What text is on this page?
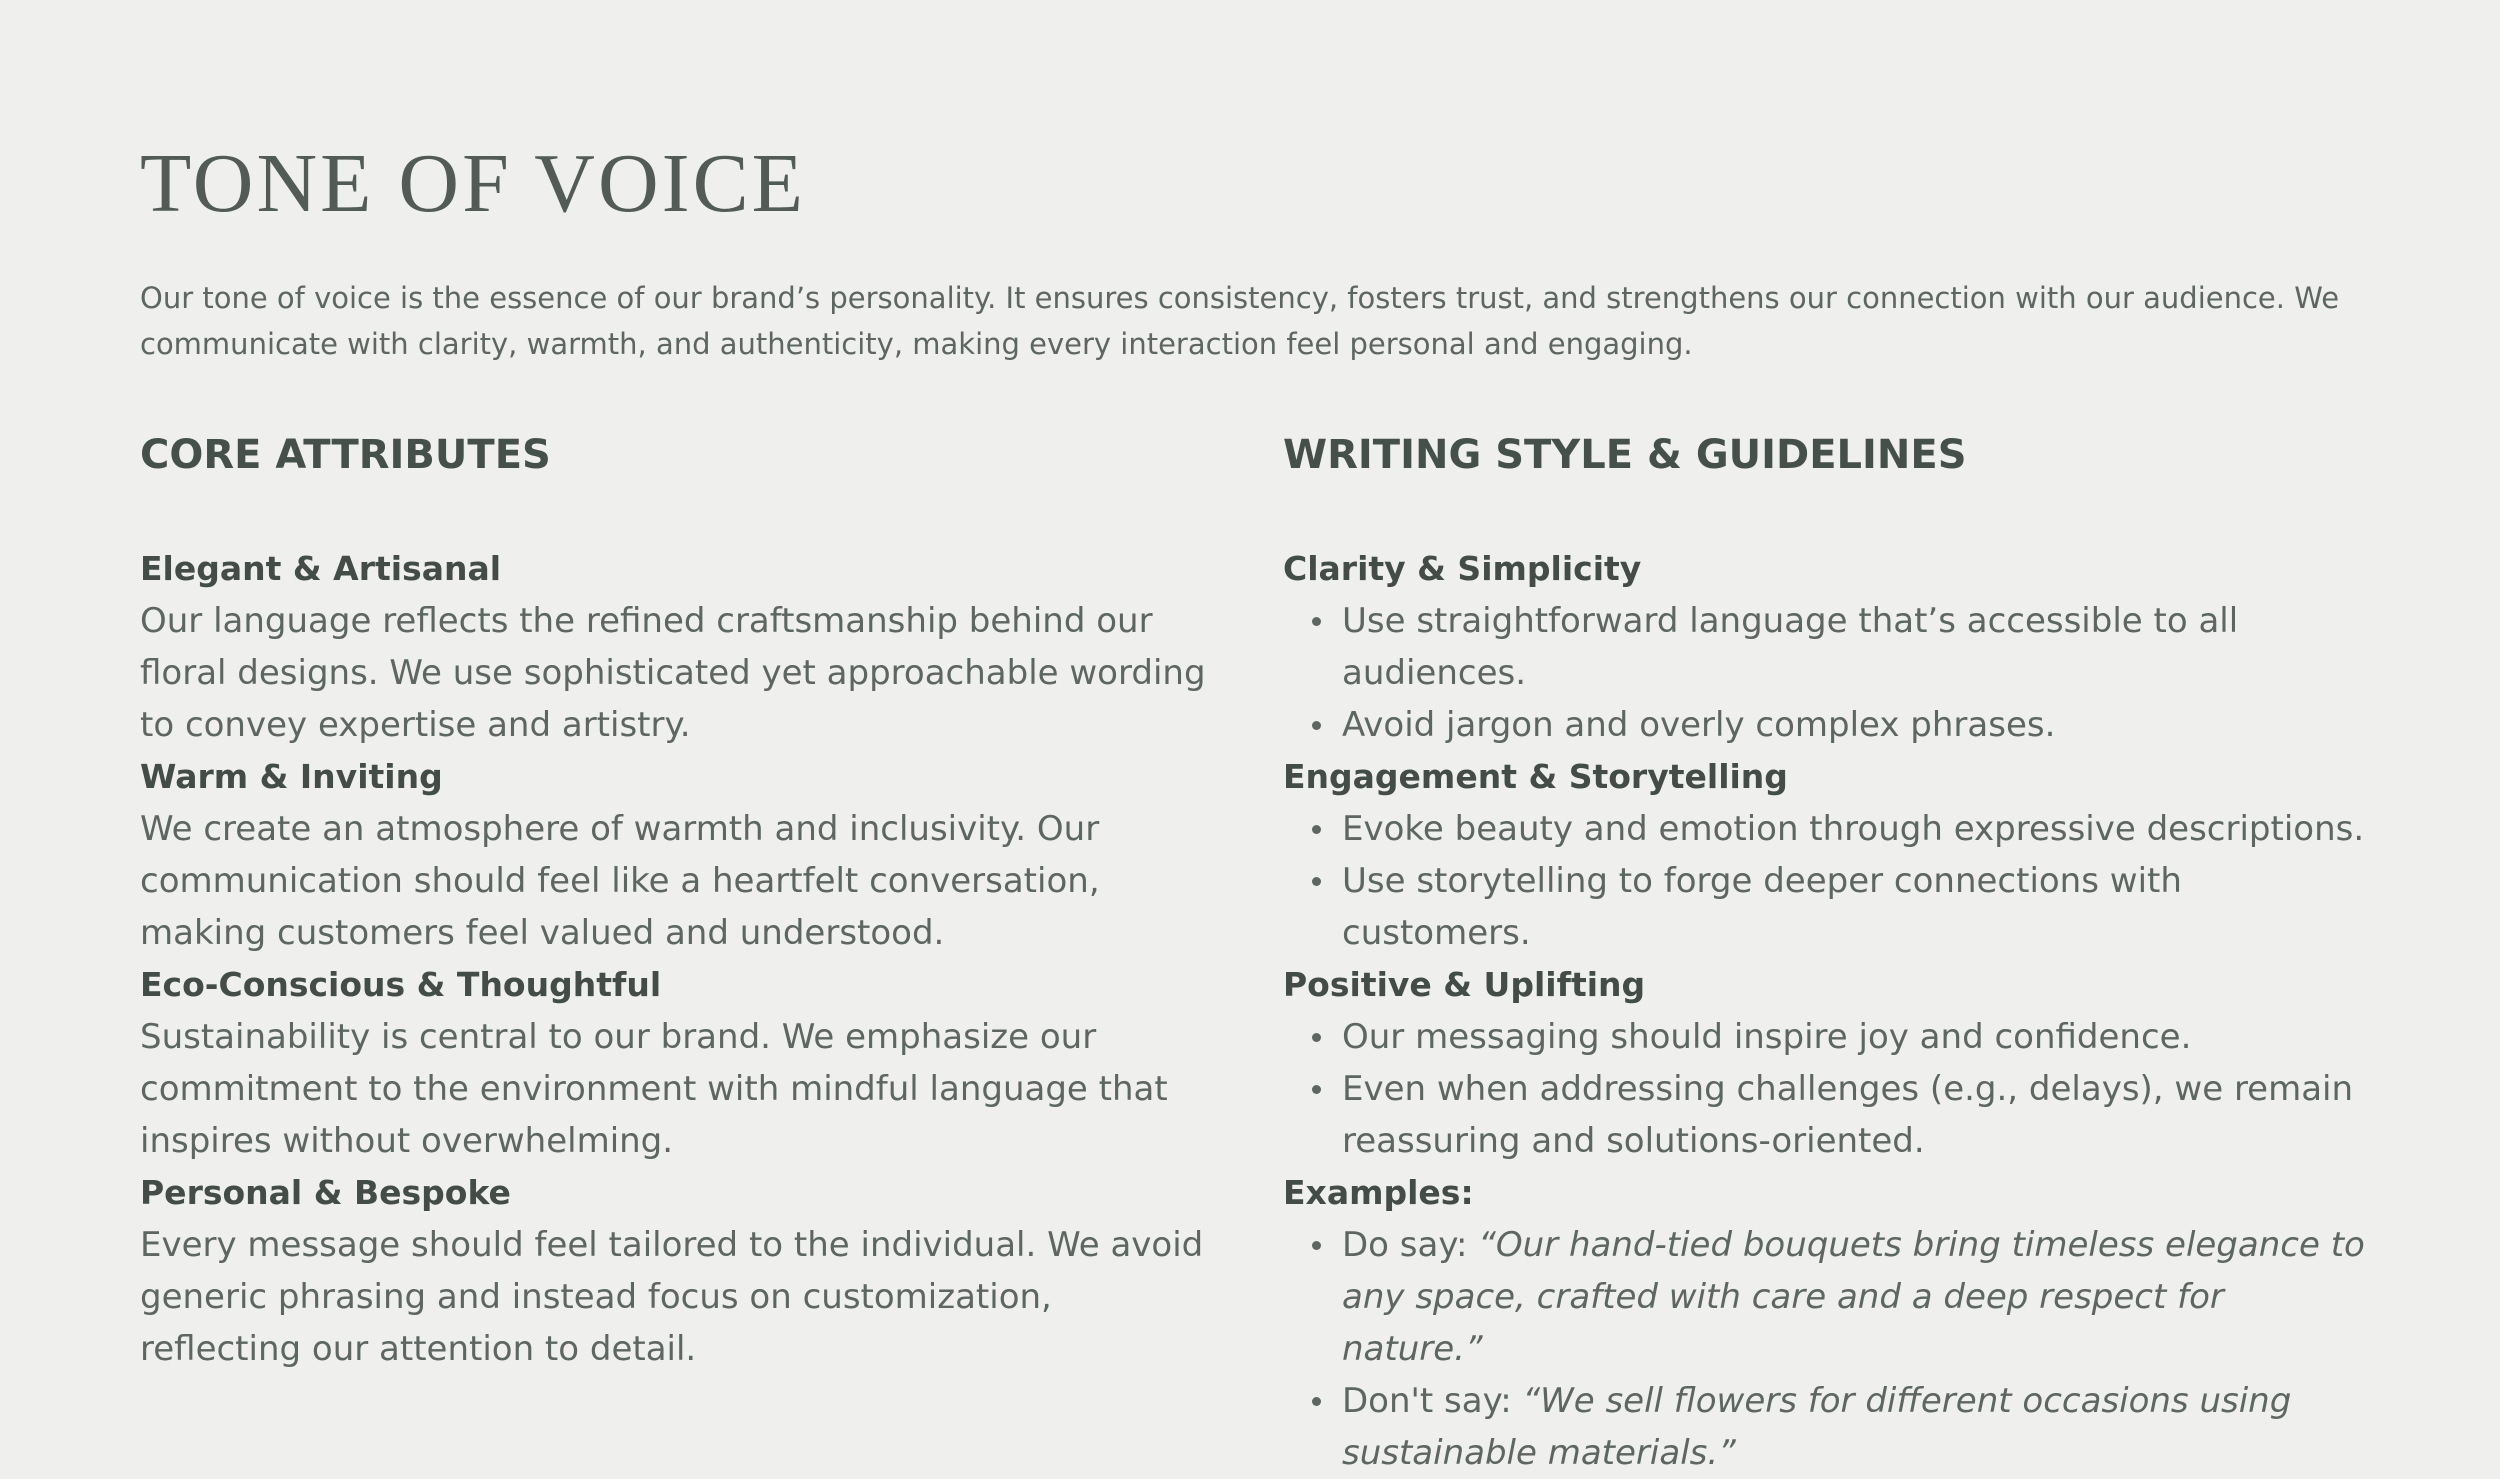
TONE OF VOICE

Our tone of voice is the essence of our brand’s personality. It ensures consistency, fosters trust, and strengthens our connection with our audience. We communicate with clarity, warmth, and authenticity, making every interaction feel personal and engaging.

CORE ATTRIBUTES

Elegant & Artisanal

Our language reflects the refined craftsmanship behind our floral designs. We use sophisticated yet approachable wording to convey expertise and artistry.

Warm & Inviting

We create an atmosphere of warmth and inclusivity. Our communication should feel like a heartfelt conversation, making customers feel valued and understood.

Eco-Conscious & Thoughtful

Sustainability is central to our brand. We emphasize our commitment to the environment with mindful language that inspires without overwhelming.

Personal & Bespoke

Every message should feel tailored to the individual. We avoid generic phrasing and instead focus on customization, reflecting our attention to detail.

WRITING STYLE & GUIDELINES

Clarity & Simplicity

Use straightforward language that’s accessible to all audiences.
Avoid jargon and overly complex phrases.

Engagement & Storytelling

Evoke beauty and emotion through expressive descriptions.
Use storytelling to forge deeper connections with customers.

Positive & Uplifting

Our messaging should inspire joy and confidence.
Even when addressing challenges (e.g., delays), we remain reassuring and solutions-oriented.

Examples:

Do say: “Our hand-tied bouquets bring timeless elegance to any space, crafted with care and a deep respect for nature.”
Don't say: “We sell flowers for different occasions using sustainable materials.”
